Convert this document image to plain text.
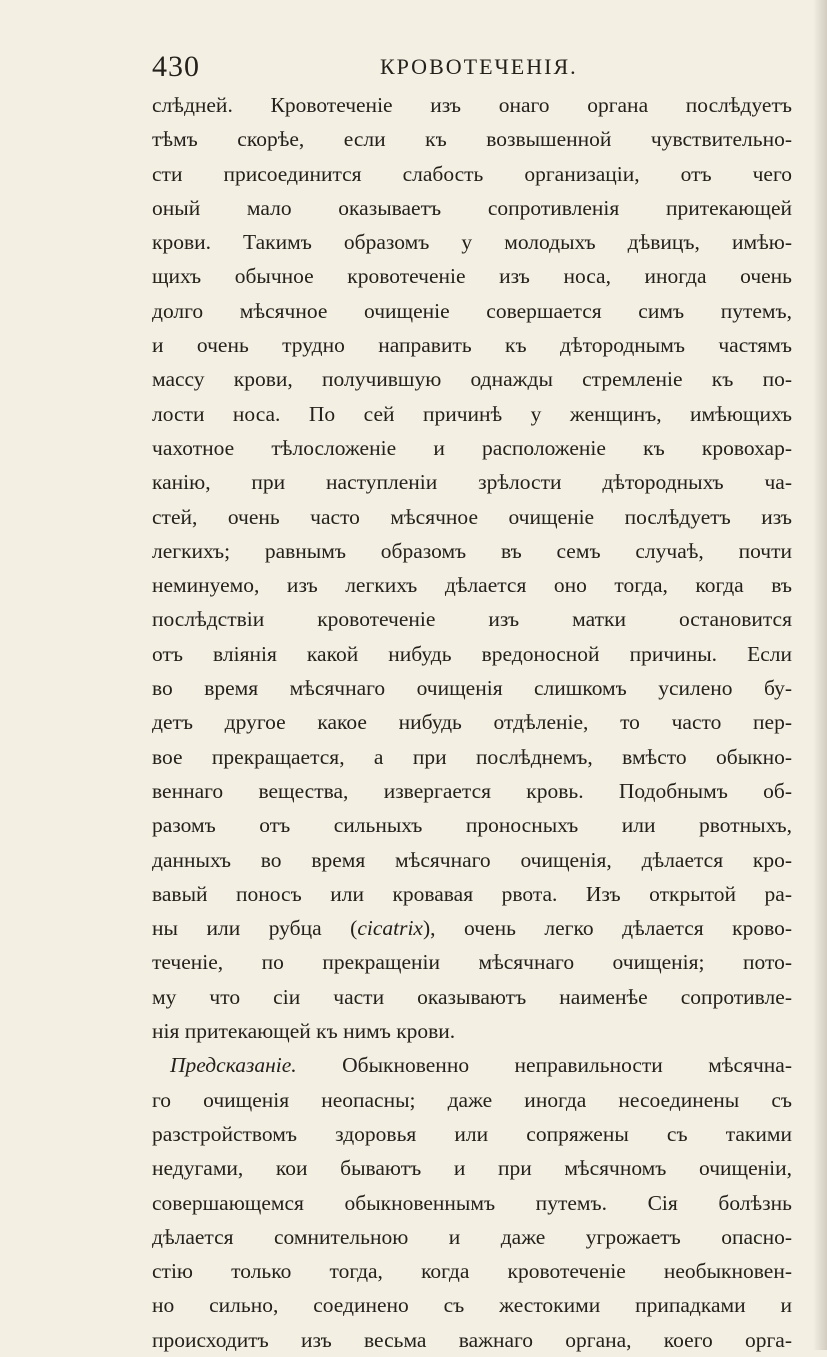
430	КРОВОТЕЧЕНІЯ.
слѣдней. Кровотеченіе изъ онаго органа послѣдуетъ
тѣмъ скорѣе, если къ возвышенной чувствительно-
сти присоединится слабость организаціи, отъ чего
оный мало оказываетъ сопротивленія притекающей
крови. Такимъ образомъ у молодыхъ дѣвицъ, имѣю-
щихъ обычное кровотеченіе изъ носа, иногда очень
долго мѣсячное очищеніе совершается симъ путемъ,
и очень трудно направить къ дѣтороднымъ частямъ
массу крови, получившую однажды стремленіе къ по-
лости носа. По сей причинѣ у женщинъ, имѣющихъ
чахотное тѣлосложеніе и расположеніе къ кровохар-
канію, при наступленіи зрѣлости дѣтородныхъ ча-
стей, очень часто мѣсячное очищеніе послѣдуетъ изъ
легкихъ; равнымъ образомъ въ семъ случаѣ, почти
неминуемо, изъ легкихъ дѣлается оно тогда, когда въ
послѣдствіи кровотеченіе изъ матки остановится
отъ вліянія какой нибудь вредоносной причины. Если
во время мѣсячнаго очищенія слишкомъ усилено бу-
детъ другое какое нибудь отдѣленіе, то часто пер-
вое прекращается, а при послѣднемъ, вмѣсто обыкно-
веннаго вещества, извергается кровь. Подобнымъ об-
разомъ отъ сильныхъ проносныхъ или рвотныхъ,
данныхъ во время мѣсячнаго очищенія, дѣлается кро-
вавый поносъ или кровавая рвота. Изъ открытой ра-
ны или рубца (cicatrix), очень легко дѣлается крово-
теченіе, по прекращеніи мѣсячнаго очищенія; пото-
му что сіи части оказываютъ наименѣе сопротивле-
нія притекающей къ нимъ крови.
Предсказаніе. Обыкновенно неправильности мѣсячна-
го очищенія неопасны; даже иногда несоединены съ
разстройствомъ здоровья или сопряжены съ такими
недугами, кои бываютъ и при мѣсячномъ очищеніи,
совершающемся обыкновеннымъ путемъ. Сія болѣзнь
дѣлается сомнительною и даже угрожаетъ опасно-
стію только тогда, когда кровотеченіе необыкновен-
но сильно, соединено съ жестокими припадками и
происходитъ изъ весьма важнаго органа, коего орга-
